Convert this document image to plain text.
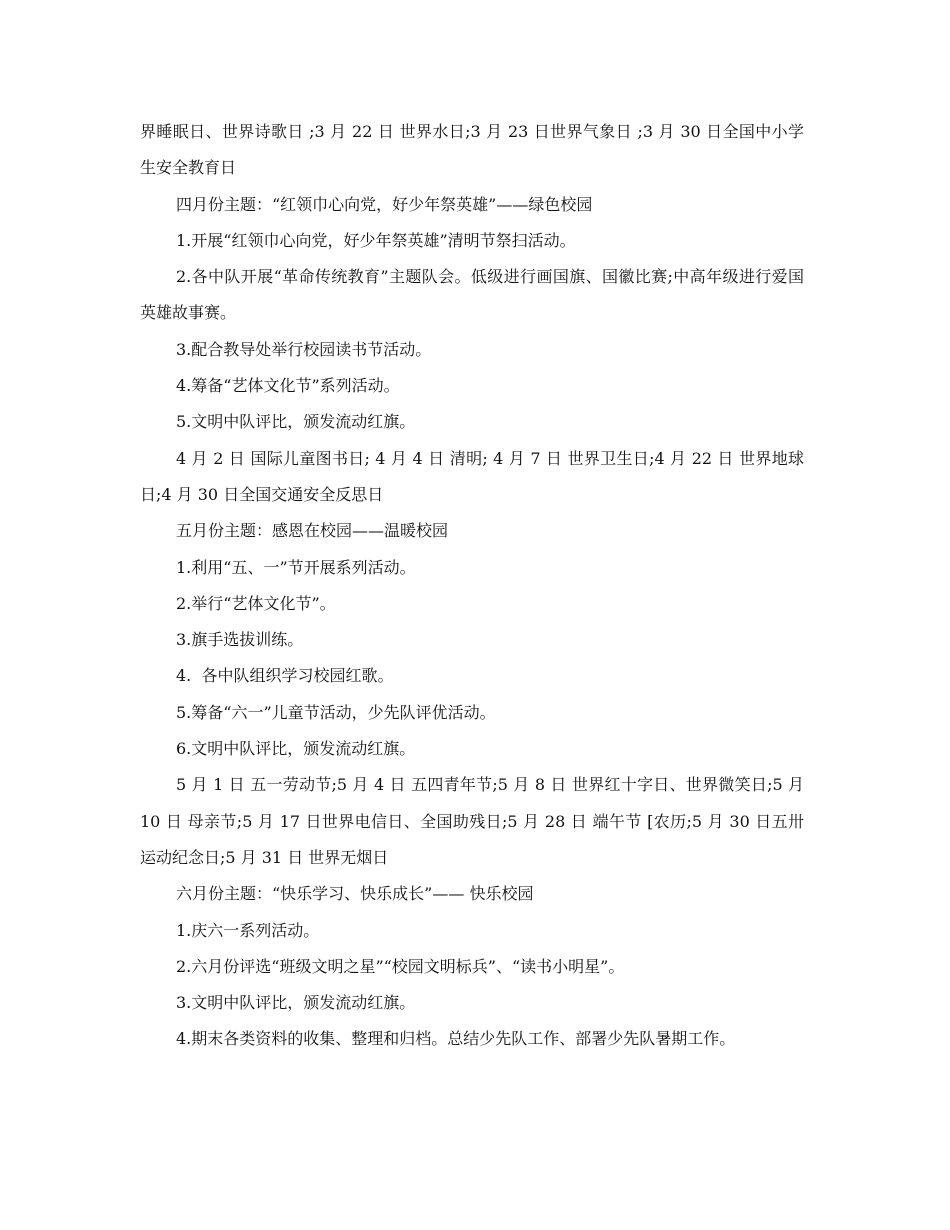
界睡眠日、世界诗歌日 ;3 月 22 日 世界水日;3 月 23 日世界气象日 ;3 月 30 日全国中小学生安全教育日

四月份主题：“红领巾心向党，好少年祭英雄”——绿色校园

1.开展“红领巾心向党，好少年祭英雄”清明节祭扫活动。

2.各中队开展“革命传统教育”主题队会。低级进行画国旗、国徽比赛;中高年级进行爱国英雄故事赛。

3.配合教导处举行校园读书节活动。

4.筹备“艺体文化节”系列活动。

5.文明中队评比，颁发流动红旗。

4 月 2 日 国际儿童图书日; 4 月 4 日 清明; 4 月 7 日 世界卫生日;4 月 22 日 世界地球日;4 月 30 日全国交通安全反思日

五月份主题：感恩在校园——温暖校园

1.利用“五、一”节开展系列活动。

2.举行“艺体文化节”。

3.旗手选拔训练。

4.  各中队组织学习校园红歌。

5.筹备“六一”儿童节活动，少先队评优活动。

6.文明中队评比，颁发流动红旗。

5 月 1 日 五一劳动节;5 月 4 日 五四青年节;5 月 8 日 世界红十字日、世界微笑日;5 月 10 日 母亲节;5 月 17 日世界电信日、全国助残日;5 月 28 日 端午节 [农历;5 月 30 日五卅运动纪念日;5 月 31 日 世界无烟日

六月份主题：“快乐学习、快乐成长”—— 快乐校园

1.庆六一系列活动。

2.六月份评选“班级文明之星”“校园文明标兵”、“读书小明星”。

3.文明中队评比，颁发流动红旗。

4.期末各类资料的收集、整理和归档。总结少先队工作、部署少先队暑期工作。
